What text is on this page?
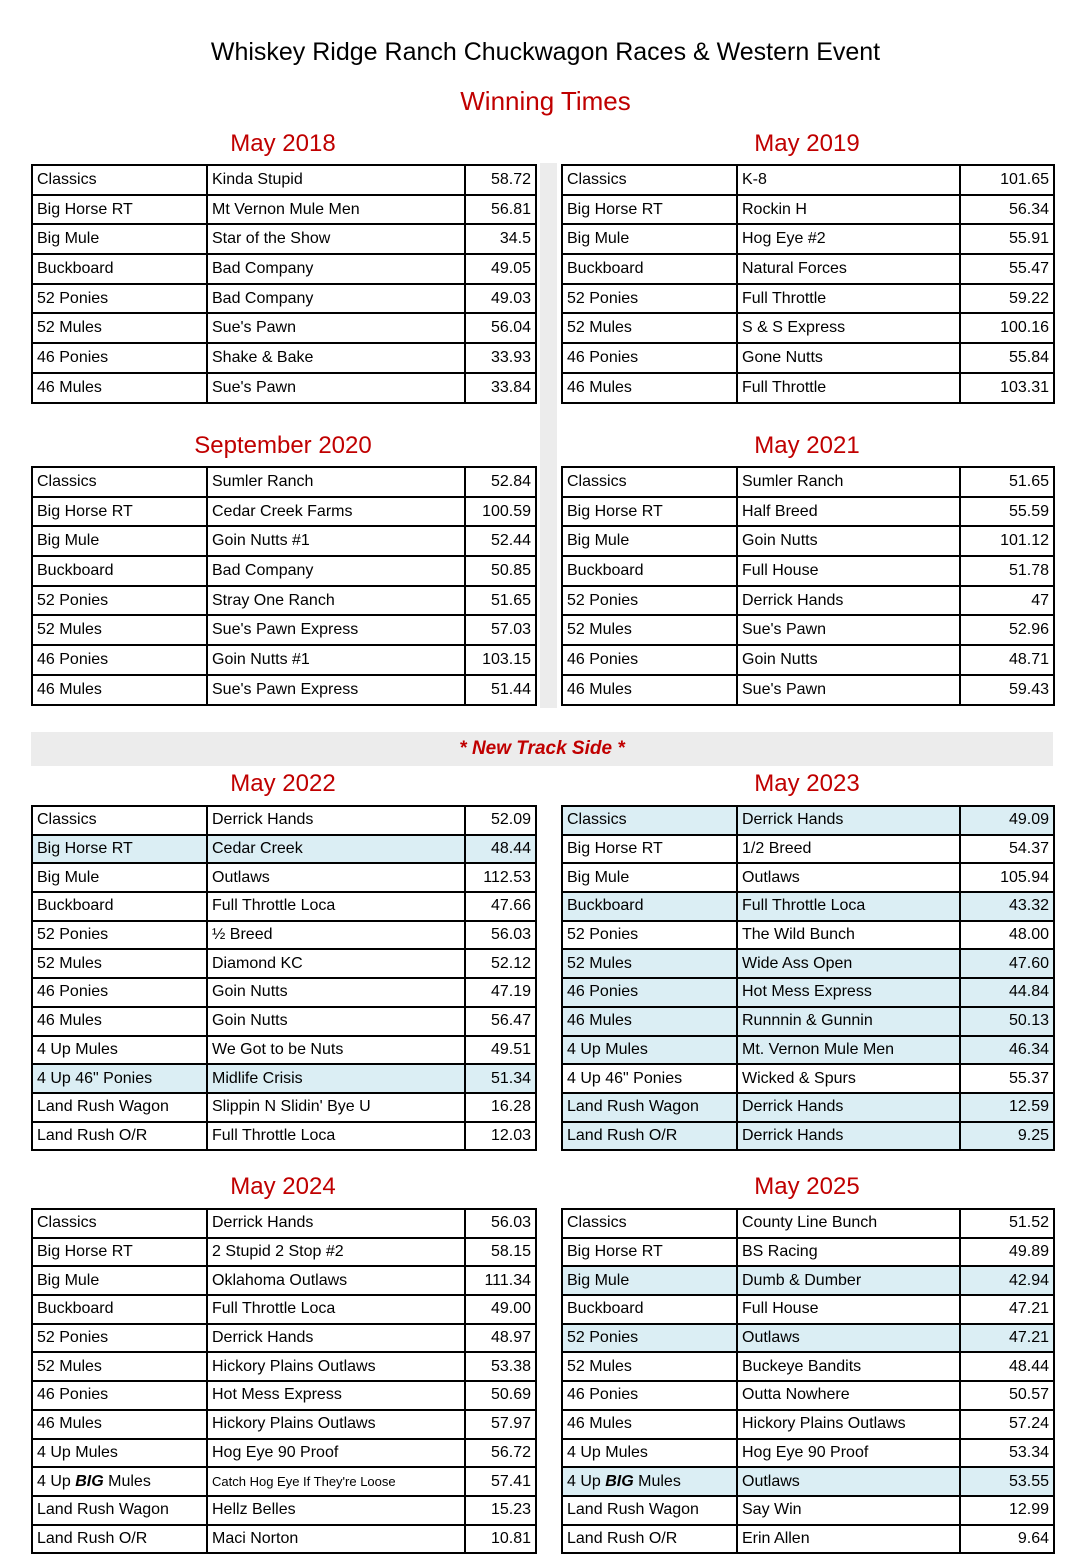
Whiskey Ridge Ranch Chuckwagon Races & Western Event
Winning Times
* New Track Side *
May 2018
Classics	Kinda Stupid	58.72
Big Horse RT	Mt Vernon Mule Men	56.81
Big Mule	Star of the Show	34.5
Buckboard	Bad Company	49.05
52 Ponies	Bad Company	49.03
52 Mules	Sue's Pawn	56.04
46 Ponies	Shake & Bake	33.93
46 Mules	Sue's Pawn	33.84
May 2019
Classics	K-8	101.65
Big Horse RT	Rockin H	56.34
Big Mule	Hog Eye #2	55.91
Buckboard	Natural Forces	55.47
52 Ponies	Full Throttle	59.22
52 Mules	S & S Express	100.16
46 Ponies	Gone Nutts	55.84
46 Mules	Full Throttle	103.31
September 2020
Classics	Sumler Ranch	52.84
Big Horse RT	Cedar Creek Farms	100.59
Big Mule	Goin Nutts #1	52.44
Buckboard	Bad Company	50.85
52 Ponies	Stray One Ranch	51.65
52 Mules	Sue's Pawn Express	57.03
46 Ponies	Goin Nutts #1	103.15
46 Mules	Sue's Pawn Express	51.44
May 2021
Classics	Sumler Ranch	51.65
Big Horse RT	Half Breed	55.59
Big Mule	Goin Nutts	101.12
Buckboard	Full House	51.78
52 Ponies	Derrick Hands	47
52 Mules	Sue's Pawn	52.96
46 Ponies	Goin Nutts	48.71
46 Mules	Sue's Pawn	59.43
May 2022
Classics	Derrick Hands	52.09
Big Horse RT	Cedar Creek	48.44
Big Mule	Outlaws	112.53
Buckboard	Full Throttle Loca	47.66
52 Ponies	½ Breed	56.03
52 Mules	Diamond KC	52.12
46 Ponies	Goin Nutts	47.19
46 Mules	Goin Nutts	56.47
4 Up Mules	We Got to be Nuts	49.51
4 Up 46" Ponies	Midlife Crisis	51.34
Land Rush Wagon	Slippin N Slidin' Bye U	16.28
Land Rush O/R	Full Throttle Loca	12.03
May 2023
Classics	Derrick Hands	49.09
Big Horse RT	1/2 Breed	54.37
Big Mule	Outlaws	105.94
Buckboard	Full Throttle Loca	43.32
52 Ponies	The Wild Bunch	48.00
52 Mules	Wide Ass Open	47.60
46 Ponies	Hot Mess Express	44.84
46 Mules	Runnnin & Gunnin	50.13
4 Up Mules	Mt. Vernon Mule Men	46.34
4 Up 46" Ponies	Wicked & Spurs	55.37
Land Rush Wagon	Derrick Hands	12.59
Land Rush O/R	Derrick Hands	9.25
May 2024
Classics	Derrick Hands	56.03
Big Horse RT	2 Stupid 2 Stop #2	58.15
Big Mule	Oklahoma Outlaws	111.34
Buckboard	Full Throttle Loca	49.00
52 Ponies	Derrick Hands	48.97
52 Mules	Hickory Plains Outlaws	53.38
46 Ponies	Hot Mess Express	50.69
46 Mules	Hickory Plains Outlaws	57.97
4 Up Mules	Hog Eye 90 Proof	56.72
4 Up BIG Mules	Catch Hog Eye If They're Loose	57.41
Land Rush Wagon	Hellz Belles	15.23
Land Rush O/R	Maci Norton	10.81
May 2025
Classics	County Line Bunch	51.52
Big Horse RT	BS Racing	49.89
Big Mule	Dumb & Dumber	42.94
Buckboard	Full House	47.21
52 Ponies	Outlaws	47.21
52 Mules	Buckeye Bandits	48.44
46 Ponies	Outta Nowhere	50.57
46 Mules	Hickory Plains Outlaws	57.24
4 Up Mules	Hog Eye 90 Proof	53.34
4 Up BIG Mules	Outlaws	53.55
Land Rush Wagon	Say Win	12.99
Land Rush O/R	Erin Allen	9.64
